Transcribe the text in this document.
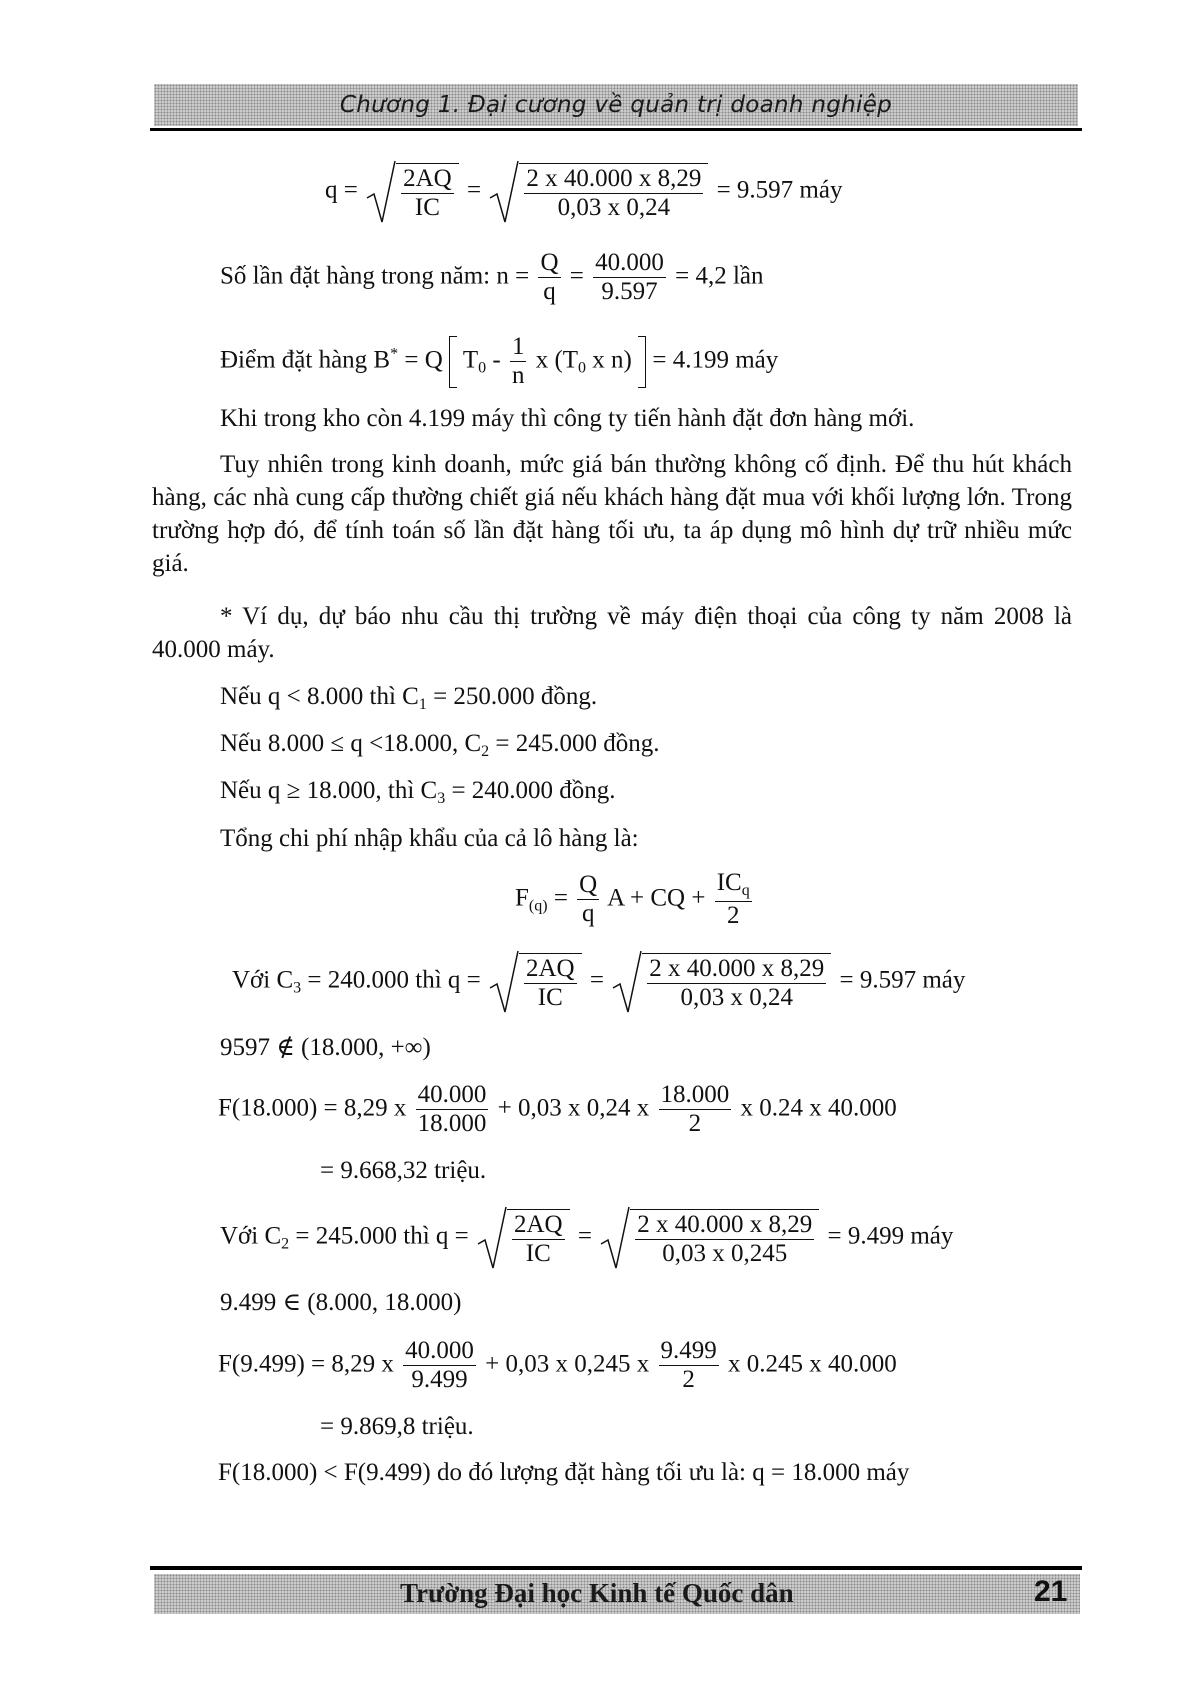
Chương 1. Đại cương về quản trị doanh nghiệp
$q = \frac{2AQ}{IC} = \frac{2 x 40.000 x 8,29}{0,03 x 0,24} = 9.597$ máy
Số lần đặt hàng trong năm: $n = \frac{Q}{q} = \frac{40.000}{9.597} = 4,2$ lần
Điểm đặt hàng B* = Q $T_0 - \frac{1}{n}$ x ($T_0$ x n) = 4.199 máy
Khi trong kho còn 4.199 máy thì công ty tiến hành đặt đơn hàng mới.
Tuy nhiên trong kinh doanh, mức giá bán thường không cố định. Để thu hút khách hàng, các nhà cung cấp thường chiết giá nếu khách hàng đặt mua với khối lượng lớn. Trong trường hợp đó, để tính toán số lần đặt hàng tối ưu, ta áp dụng mô hình dự trữ nhiều mức giá.
* Ví dụ, dự báo nhu cầu thị trường về máy điện thoại của công ty năm 2008 là 40.000 máy.
Nếu q < 8.000 thì $C_1 = 250.000$ đồng.
Nếu 8.000 ≤ q <18.000, $C_2 = 245.000$ đồng.
Nếu q ≥ 18.000, thì $C_3 = 240.000$ đồng.
Tổng chi phí nhập khẩu của cả lô hàng là:
$F_{(q)} = \frac{Q}{q}$ A + CQ + $\frac{IC_q}{2}$
Với $C_3 = 240.000$ thì $q = \frac{2AQ}{IC} = \frac{2 x 40.000 x 8,29}{0,03 x 0,24} = 9.597$ máy
9597 ∉ (18.000, +∞)
F(18.000) = 8,29 x $\frac{40.000}{18.000} + 0,03$ x 0,24 x $\frac{18.000}{2}$ x 0.24 x 40.000
= 9.668,32 triệu.
Với $C_2 = 245.000$ thì $q = \frac{2AQ}{IC} = \frac{2 x 40.000 x 8,29}{0,03 x 0,245} = 9.499$ máy
9.499 ∈ (8.000, 18.000)
F(9.499) = 8,29 x $\frac{40.000}{9.499} + 0,03$ x 0,245 x $\frac{9.499}{2}$ x 0.245 x 40.000
= 9.869,8 triệu.
F(18.000) < F(9.499) do đó lượng đặt hàng tối ưu là: q = 18.000 máy
Trường Đại học Kinh tế Quốc dân	21
